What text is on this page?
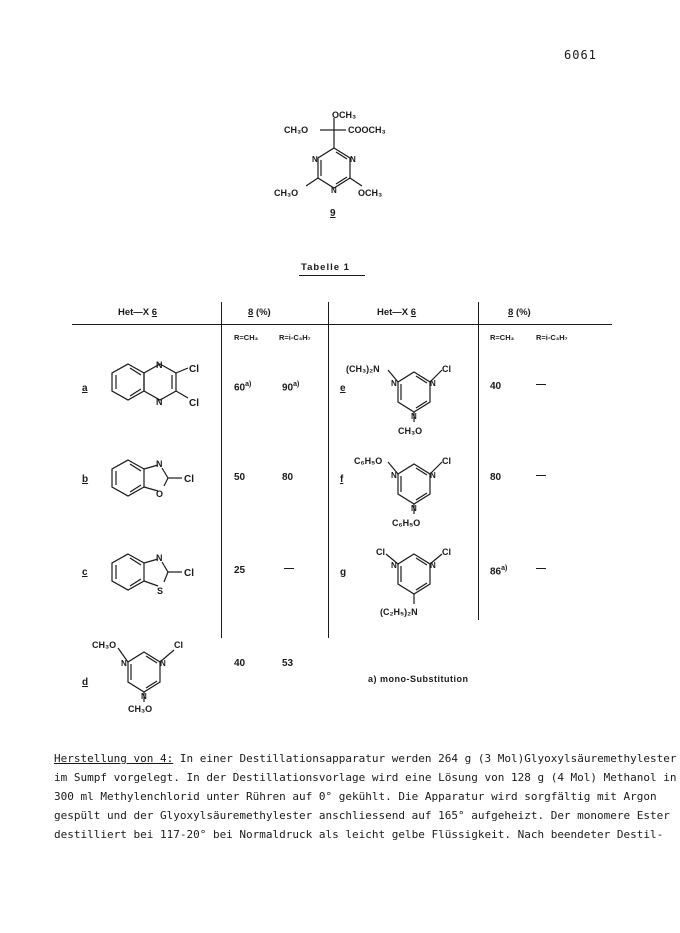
6061
OCH₃
CH₃O	COOCH₃
N	N
N
CH₃O	OCH₃
9
Tabelle 1
Het—X 6	8 (%)	Het—X 6	8 (%)
R=CH₃	R=i-C₃H₇	R=CH₃	R=i-C₃H₇
a
N
N
Cl
Cl
60$^{a)}$	90$^{a)}$
b
N
O
Cl	50	80
c
N
S
Cl	25	—
d
CH₃O	Cl
CH₃O
N	N
N
40	53
e
(CH₃)₂N	Cl
CH₃O
N	N
N
40	—
f
C₆H₅O	Cl
C₆H₅O
N	N
N
80	—
g
Cl	Cl
(C₂H₅)₂N
N	N
86$^{a)}$	—
a) mono-Substitution

Herstellung von 4: In einer Destillationsapparatur werden 264 g (3 Mol)Glyoxylsäuremethylester

im Sumpf vorgelegt. In der Destillationsvorlage wird eine Lösung von 128 g (4 Mol) Methanol in

300 ml Methylenchlorid unter Rühren auf 0° gekühlt. Die Apparatur wird sorgfältig mit Argon

gespült und der Glyoxylsäuremethylester anschliessend auf 165° aufgeheizt. Der monomere Ester

destilliert bei 117-20° bei Normaldruck als leicht gelbe Flüssigkeit. Nach beendeter Destil-
